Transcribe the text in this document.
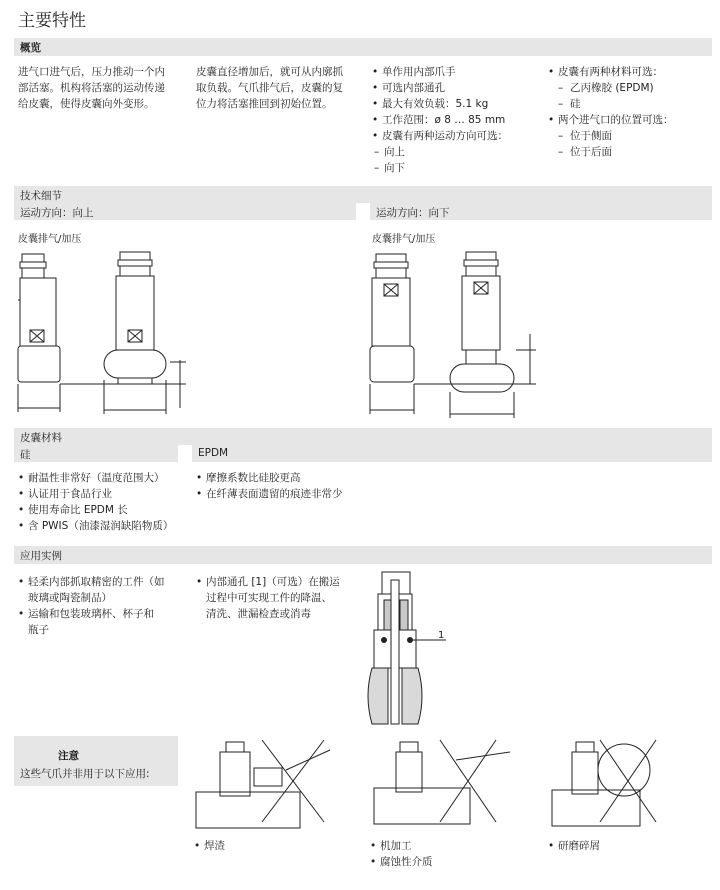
主要特性
概览
进气口进气后，压力推动一个内
部活塞。机构将活塞的运动传递
给皮囊，使得皮囊向外变形。
皮囊直径增加后，就可从内廓抓
取负载。气爪排气后，皮囊的复
位力将活塞推回到初始位置。
• 单作用内部爪手
• 可选内部通孔
• 最大有效负载：5.1 kg
• 工作范围：ø 8 … 85 mm
• 皮囊有两种运动方向可选：
– 向上
– 向下
• 皮囊有两种材料可选：
– 乙丙橡胶 (EPDM)
– 硅
• 两个进气口的位置可选：
– 位于侧面
– 位于后面
技术细节
运动方向：向上	运动方向：向下
皮囊排气/加压	皮囊排气/加压
皮囊材料
硅	EPDM
• 耐温性非常好（温度范围大）
• 认证用于食品行业
• 使用寿命比 EPDM 长
• 含 PWIS（油漆湿润缺陷物质）
• 摩擦系数比硅胶更高
• 在纤薄表面遗留的痕迹非常少
应用实例
• 轻柔内部抓取精密的工件（如
玻璃或陶瓷制品）
• 运输和包装玻璃杯、杯子和
瓶子
• 内部通孔 [1]（可选）在搬运
过程中可实现工件的降温、
清洗、泄漏检查或消毒
1
注意
这些气爪并非用于以下应用:
• 焊渣
•	机加工
• 腐蚀性介质
• 研磨碎屑
